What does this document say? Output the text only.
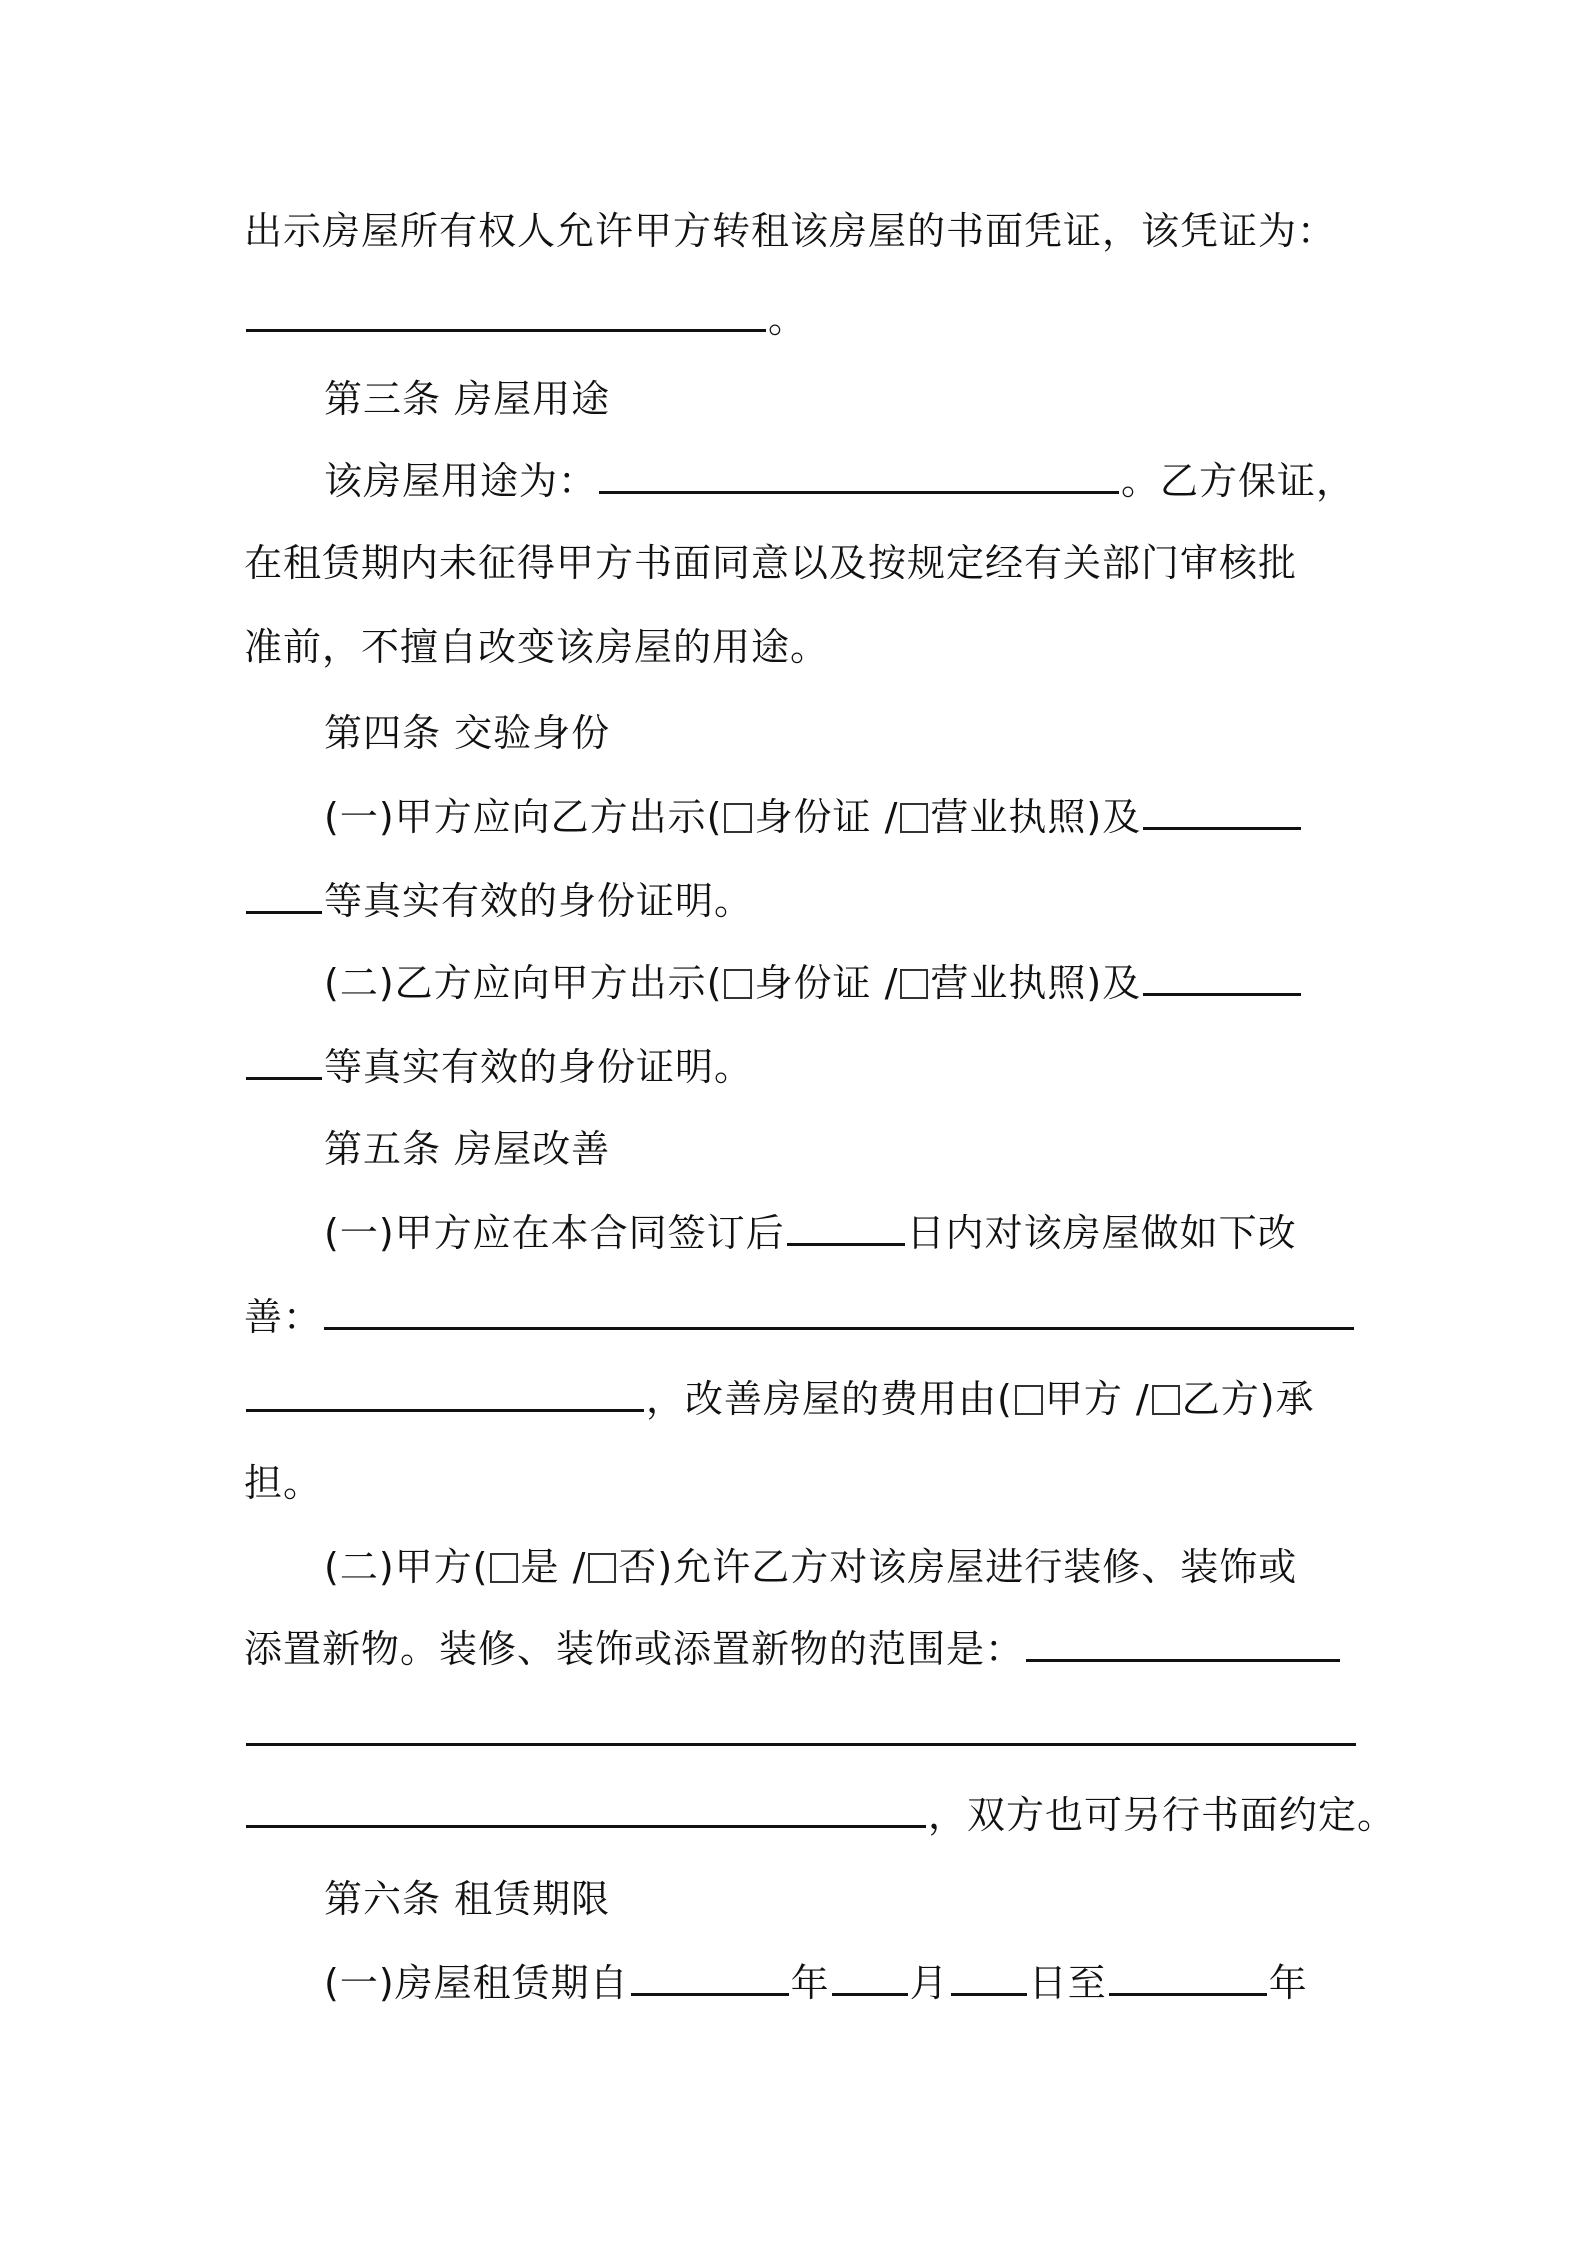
出示房屋所有权人允许甲方转租该房屋的书面凭证，该凭证为：
。
第三条 房屋用途
该房屋用途为：	。乙方保证，
在租赁期内未征得甲方书面同意以及按规定经有关部门审核批
准前，不擅自改变该房屋的用途。
第四条 交验身份
(一)甲方应向乙方出示( 身份证 / 营业执照)及
等真实有效的身份证明。
(二)乙方应向甲方出示( 身份证 / 营业执照)及
等真实有效的身份证明。
第五条 房屋改善
(一)甲方应在本合同签订后	日内对该房屋做如下改
善：
，改善房屋的费用由( 甲方 / 乙方)承
担。
(二)甲方( 是 / 否)允许乙方对该房屋进行装修、装饰或
添置新物。装修、装饰或添置新物的范围是：
，双方也可另行书面约定。
第六条 租赁期限
(一)房屋租赁期自	年 月 日至	年
